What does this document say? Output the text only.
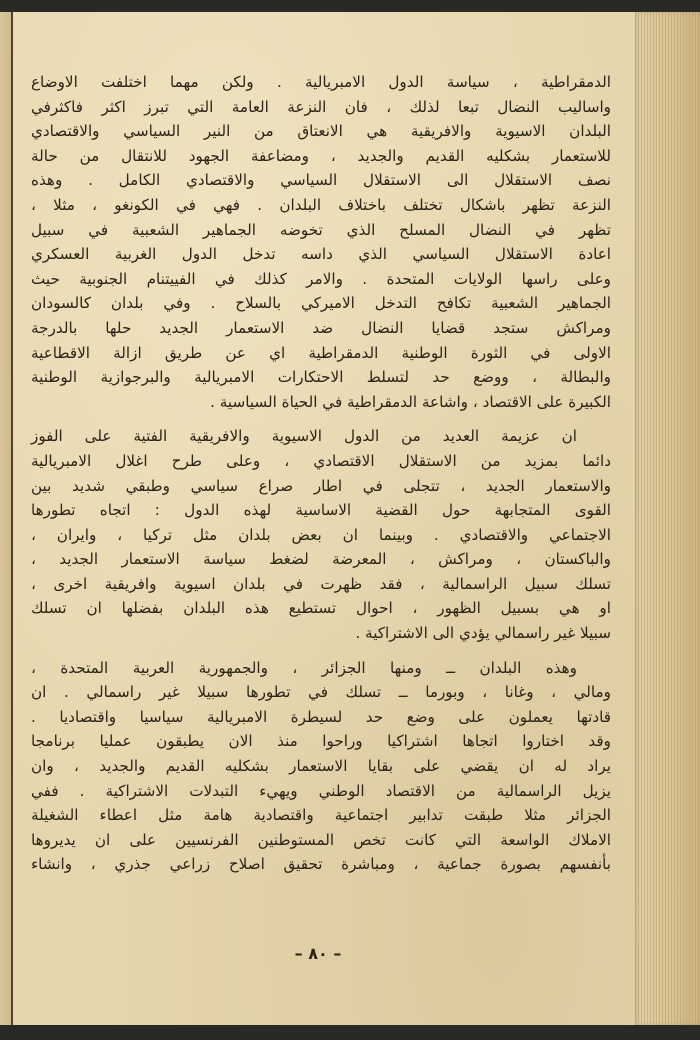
الدمقراطية ، سياسة الدول الامبريالية . ولكن مهما اختلفت الاوضاع
واساليب النضال تبعا لذلك ، فان النزعة العامة التي تبرز اكثر فاكثرفي
البلدان الاسيوية والافريقية هي الانعتاق من النير السياسي والاقتصادي
للاستعمار بشكليه القديم والجديد ، ومضاعفة الجهود للانتقال من حالة
نصف الاستقلال الى الاستقلال السياسي والاقتصادي الكامل . وهذه
النزعة تظهر باشكال تختلف باختلاف البلدان . فهي في الكونغو ، مثلا ،
تظهر في النضال المسلح الذي تخوضه الجماهير الشعبية في سبيل
اعادة الاستقلال السياسي الذي داسه تدخل الدول الغربية العسكري
وعلى راسها الولايات المتحدة . والامر كذلك في الفييتنام الجنوبية حيث
الجماهير الشعبية تكافح التدخل الاميركي بالسلاح . وفي بلدان كالسودان
ومراكش ستجد قضايا النضال ضد الاستعمار الجديد حلها بالدرجة
الاولى في الثورة الوطنية الدمقراطية اي عن طريق ازالة الاقطاعية
والبطالة ، ووضع حد لتسلط الاحتكارات الامبريالية والبرجوازية الوطنية
الكبيرة على الاقتصاد ، واشاعة الدمقراطية في الحياة السياسية .
ان عزيمة العديد من الدول الاسيوية والافريقية الفتية على الفوز
دائما بمزيد من الاستقلال الاقتصادي ، وعلى طرح اغلال الامبريالية
والاستعمار الجديد ، تتجلى في اطار صراع سياسي وطبقي شديد بين
القوى المتجابهة حول القضية الاساسية لهذه الدول : اتجاه تطورها
الاجتماعي والاقتصادي . وبينما ان بعض بلدان مثل تركيا ، وايران ،
والباكستان ، ومراكش ، المعرضة لضغط سياسة الاستعمار الجديد ،
تسلك سبيل الراسمالية ، فقد ظهرت في بلدان اسيوية وافريقية اخرى ،
او هي بسبيل الظهور ، احوال تستطيع هذه البلدان بفضلها ان تسلك
سبيلا غير راسمالي يؤدي الى الاشتراكية .
وهذه البلدان ــ ومنها الجزائر ، والجمهورية العربية المتحدة ،
ومالي ، وغانا ، وبورما ــ تسلك في تطورها سبيلا غير راسمالي . ان
قادتها يعملون على وضع حد لسيطرة الامبريالية سياسيا واقتصاديا .
وقد اختاروا اتجاها اشتراكيا وراحوا منذ الان يطبقون عمليا برنامجا
يراد له ان يقضي على بقايا الاستعمار بشكليه القديم والجديد ، وان
يزيل الراسمالية من الاقتصاد الوطني ويهيء التبدلات الاشتراكية . ففي
الجزائر مثلا طبقت تدابير اجتماعية واقتصادية هامة مثل اعطاء الشغيلة
الاملاك الواسعة التي كانت تخص المستوطنين الفرنسيين على ان يديروها
بأنفسهم بصورة جماعية ، ومباشرة تحقيق اصلاح زراعي جذري ، وانشاء
– ٨٠ –
